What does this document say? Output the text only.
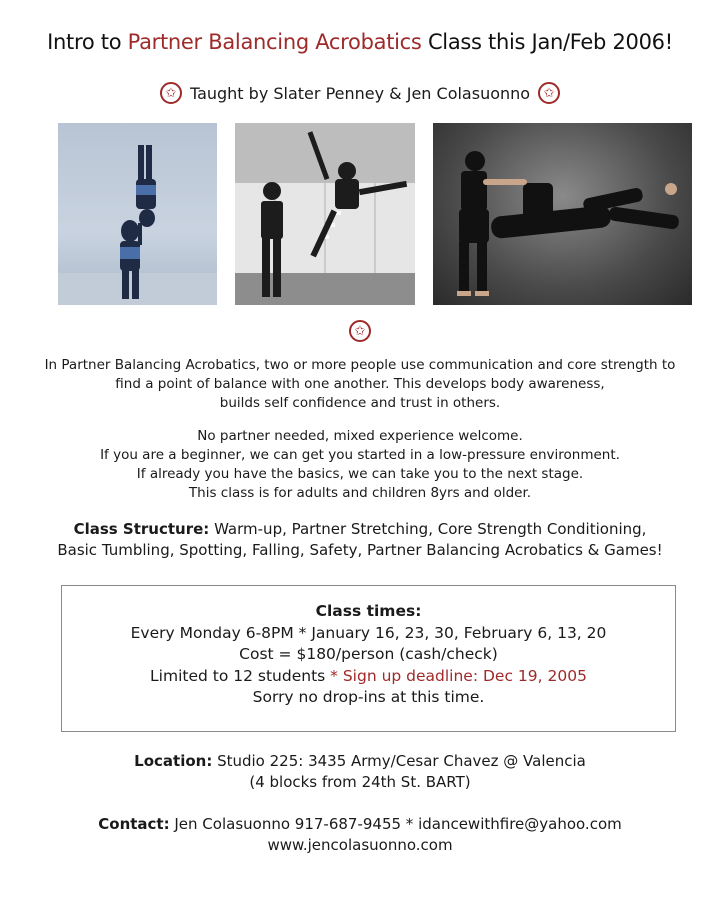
Intro to Partner Balancing Acrobatics Class this Jan/Feb 2006!
✩ Taught by Slater Penney & Jen Colasuonno	✩
✩
In Partner Balancing Acrobatics, two or more people use communication and core strength to
find a point of balance with one another. This develops body awareness,
builds self confidence and trust in others.
No partner needed, mixed experience welcome.
If you are a beginner, we can get you started in a low-pressure environment.
If already you have the basics, we can take you to the next stage.
This class is for adults and children 8yrs and older.
Class Structure: Warm-up, Partner Stretching, Core Strength Conditioning,
Basic Tumbling, Spotting, Falling, Safety, Partner Balancing Acrobatics & Games!
Class times:
Every Monday 6-8PM * January 16, 23, 30, February 6, 13, 20
Cost = $180/person (cash/check)
Limited to 12 students * Sign up deadline: Dec 19, 2005
Sorry no drop-ins at this time.
Location: Studio 225: 3435 Army/Cesar Chavez @ Valencia
(4 blocks from 24th St. BART)
Contact: Jen Colasuonno 917-687-9455 * idancewithfire@yahoo.com
www.jencolasuonno.com
